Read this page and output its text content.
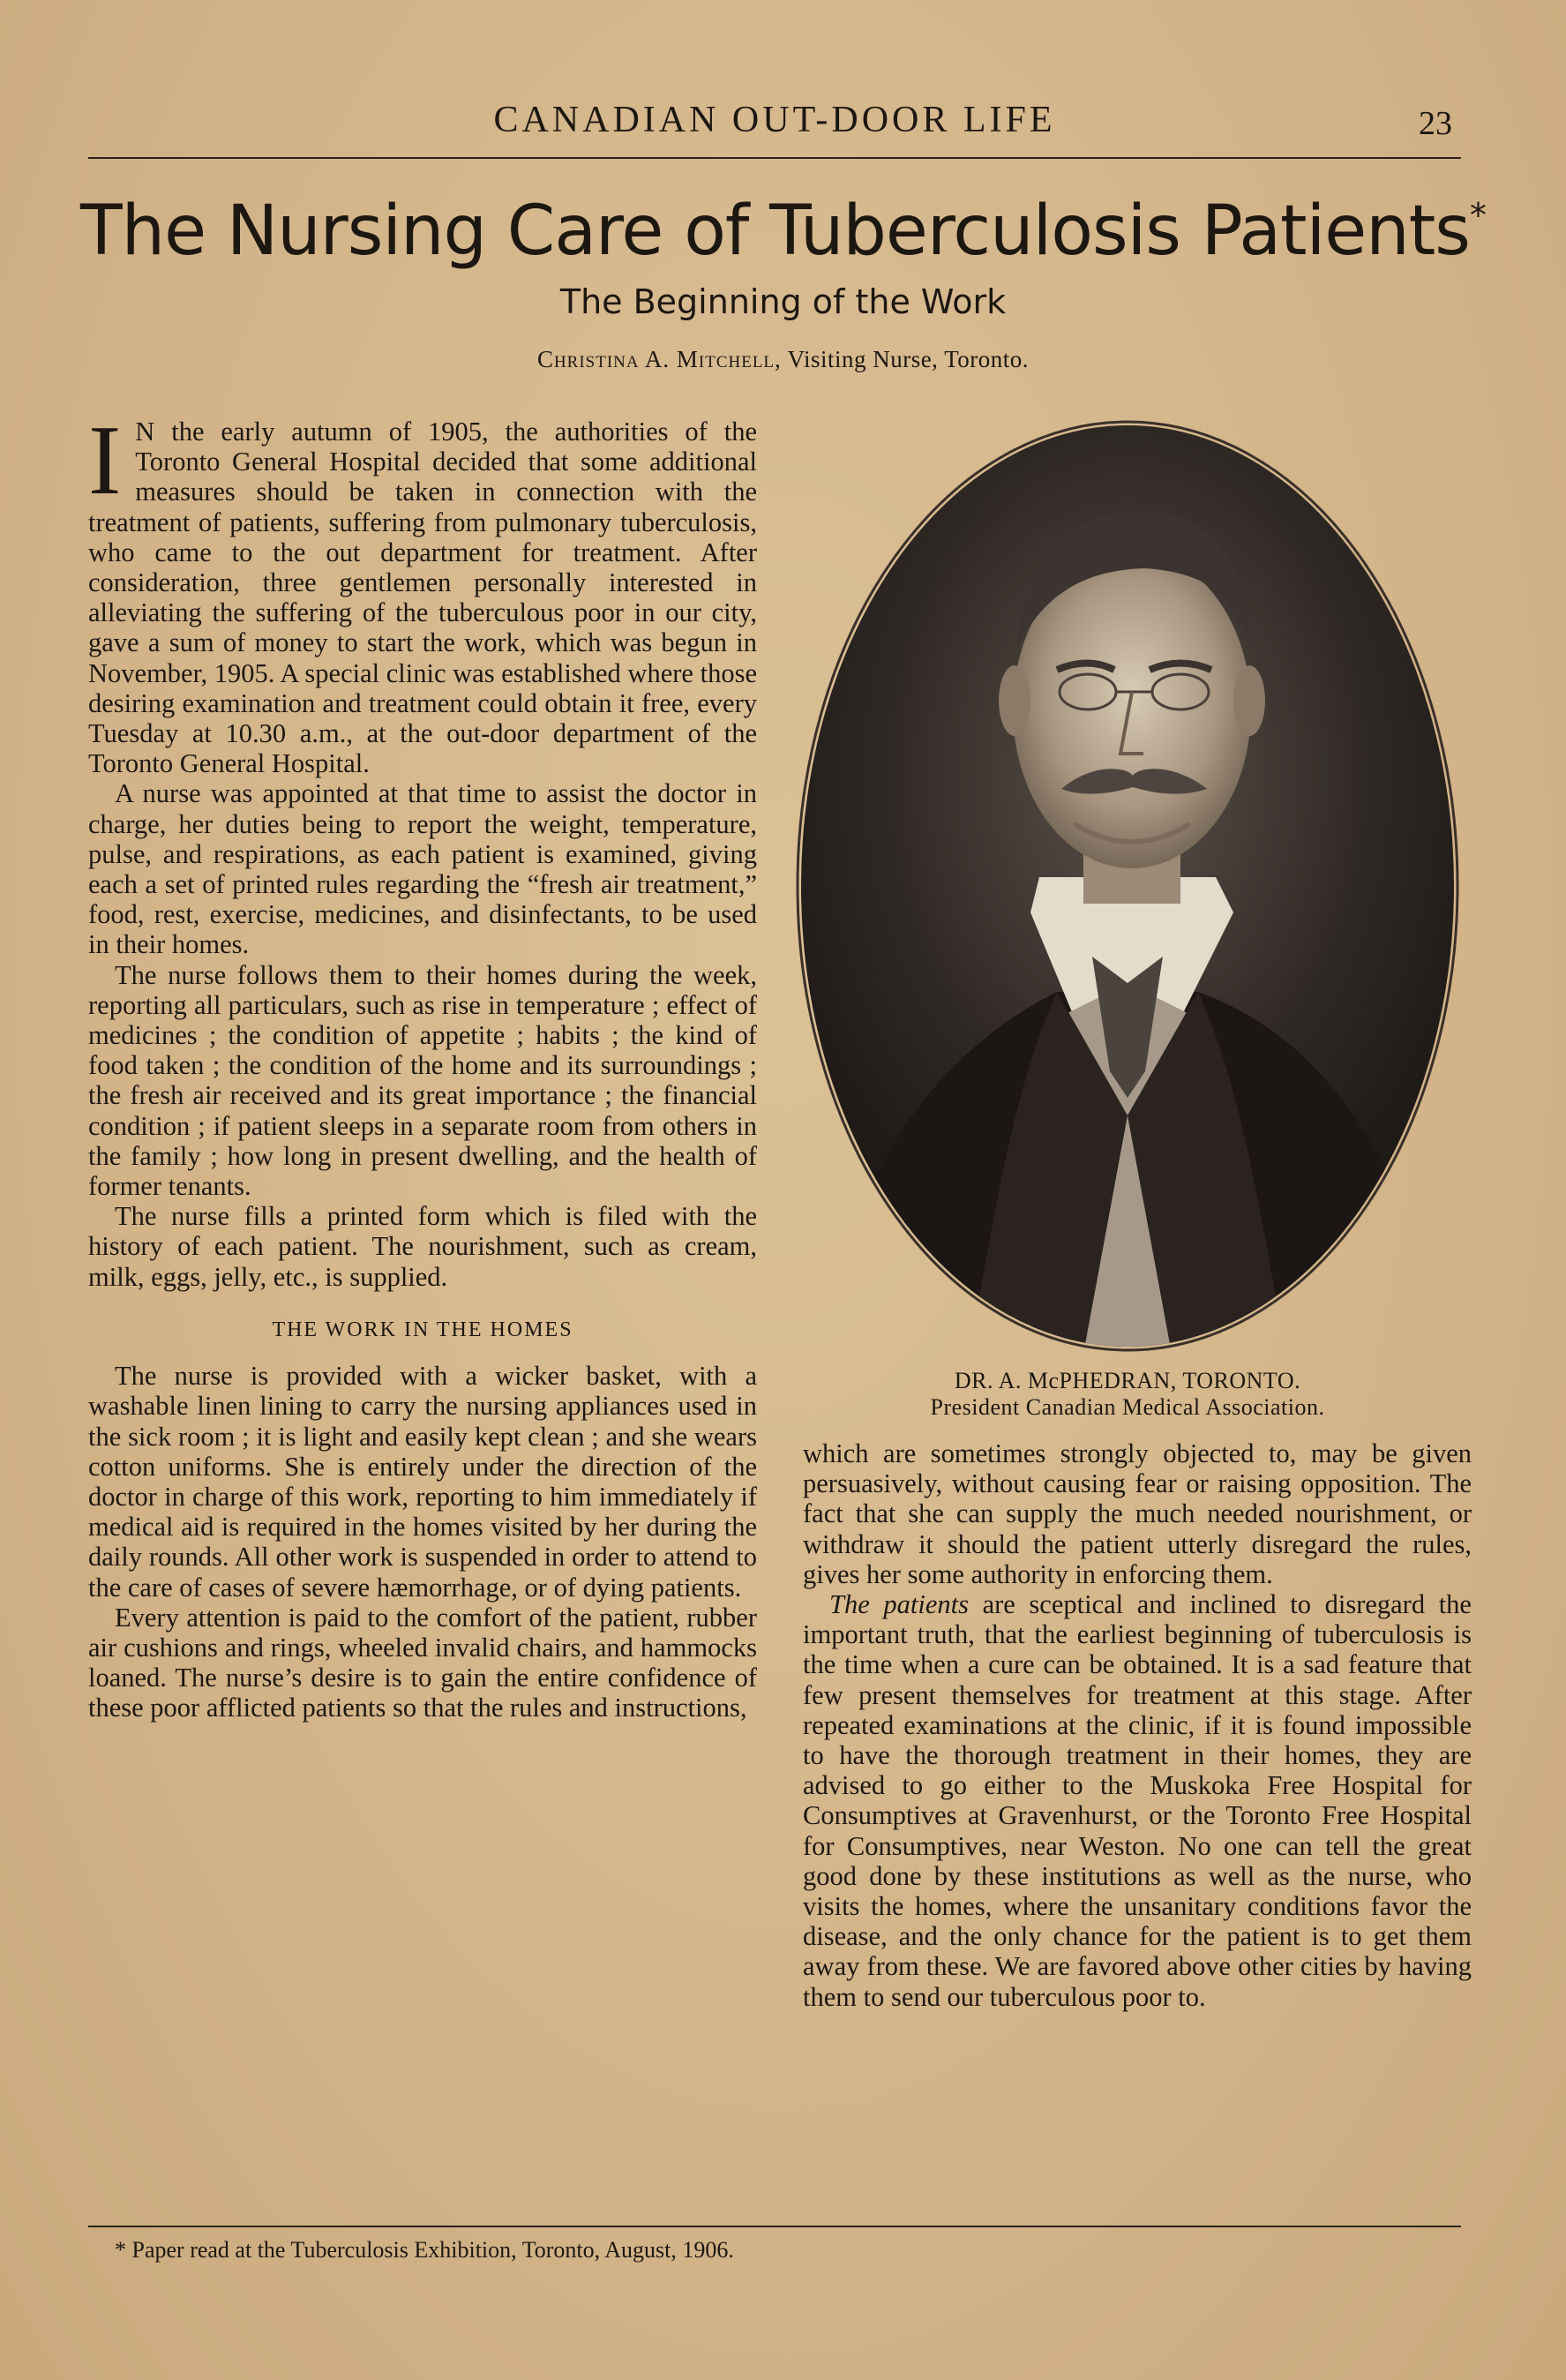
CANADIAN OUT-DOOR LIFE	23
The Nursing Care of Tuberculosis Patients*
The Beginning of the Work
Christina A. Mitchell, Visiting Nurse, Toronto.

I N the early autumn of 1905, the authorities of the Toronto General Hospital decided that some additional measures should be taken in connection with the treatment of patients, suffering from pulmonary tuberculosis, who came to the out department for treatment. After consideration, three gentlemen personally interested in alleviating the suffering of the tuberculous poor in our city, gave a sum of money to start the work, which was begun in November, 1905. A special clinic was established where those desiring examination and treatment could obtain it free, every Tuesday at 10.30 a.m., at the out-door department of the Toronto General Hospital.

A nurse was appointed at that time to assist the doctor in charge, her duties being to report the weight, temperature, pulse, and respirations, as each patient is examined, giving each a set of printed rules regarding the “fresh air treatment,” food, rest, exercise, medicines, and disinfectants, to be used in their homes.

The nurse follows them to their homes during the week, reporting all particulars, such as rise in temperature ; effect of medicines ; the condition of appetite ; habits ; the kind of food taken ; the condition of the home and its surroundings ; the fresh air received and its great importance ; the financial condition ; if patient sleeps in a separate room from others in the family ; how long in present dwelling, and the health of former tenants.

The nurse fills a printed form which is filed with the history of each patient. The nourishment, such as cream, milk, eggs, jelly, etc., is supplied.

THE WORK IN THE HOMES

The nurse is provided with a wicker basket, with a washable linen lining to carry the nursing appliances used in the sick room ; it is light and easily kept clean ; and she wears cotton uniforms. She is entirely under the direction of the doctor in charge of this work, reporting to him immediately if medical aid is required in the homes visited by her during the daily rounds. All other work is suspended in order to attend to the care of cases of severe hæmorrhage, or of dying patients.

Every attention is paid to the comfort of the patient, rubber air cushions and rings, wheeled invalid chairs, and hammocks loaned. The nurse’s desire is to gain the entire confidence of these poor afflicted patients so that the rules and instructions,

DR. A. McPHEDRAN, TORONTO.
President Canadian Medical Association.

which are sometimes strongly objected to, may be given persuasively, without causing fear or raising opposition. The fact that she can supply the much needed nourishment, or withdraw it should the patient utterly disregard the rules, gives her some authority in enforcing them.

The patients are sceptical and inclined to disregard the important truth, that the earliest beginning of tuberculosis is the time when a cure can be obtained. It is a sad feature that few present themselves for treatment at this stage. After repeated examinations at the clinic, if it is found impossible to have the thorough treatment in their homes, they are advised to go either to the Muskoka Free Hospital for Consumptives at Gravenhurst, or the Toronto Free Hospital for Consumptives, near Weston. No one can tell the great good done by these institutions as well as the nurse, who visits the homes, where the unsanitary conditions favor the disease, and the only chance for the patient is to get them away from these. We are favored above other cities by having them to send our tuberculous poor to.

* Paper read at the Tuberculosis Exhibition, Toronto, August, 1906.
